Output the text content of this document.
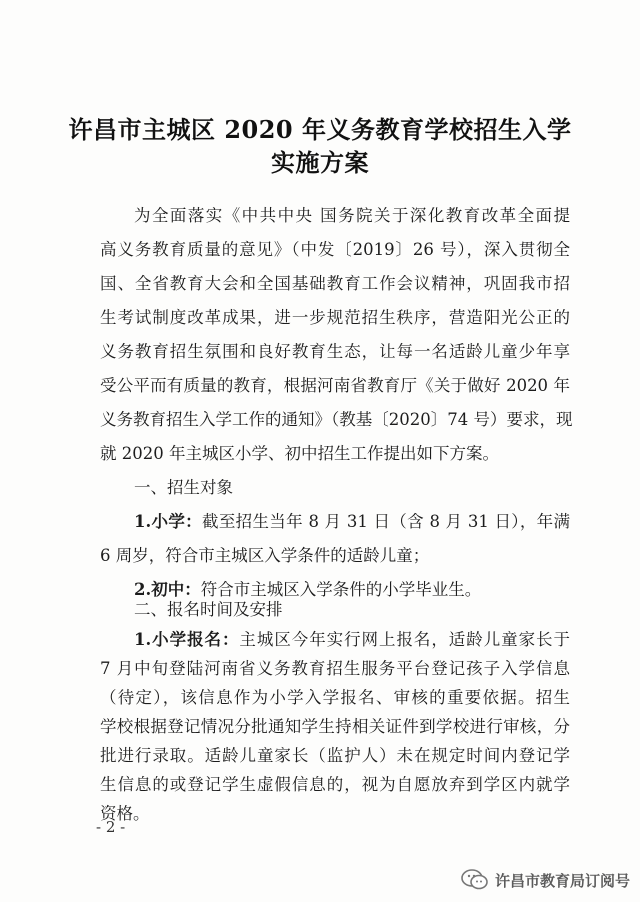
许昌市主城区 2020 年义务教育学校招生入学
实施方案
为全面落实《中共中央 国务院关于深化教育改革全面提
高义务教育质量的意见》（中发〔2019〕26 号），深入贯彻全
国、全省教育大会和全国基础教育工作会议精神，巩固我市招
生考试制度改革成果，进一步规范招生秩序，营造阳光公正的
义务教育招生氛围和良好教育生态，让每一名适龄儿童少年享
受公平而有质量的教育，根据河南省教育厅《关于做好 2020 年
义务教育招生入学工作的通知》（教基〔2020〕74 号）要求，现
就 2020 年主城区小学、初中招生工作提出如下方案。
一、招生对象
1.小学：截至招生当年 8 月 31 日（含 8 月 31 日），年满
6 周岁，符合市主城区入学条件的适龄儿童；
2.初中：符合市主城区入学条件的小学毕业生。
二、报名时间及安排
1.小学报名：主城区今年实行网上报名，适龄儿童家长于
- 2 -
许昌市教育局订阅号
7 月中旬登陆河南省义务教育招生服务平台登记孩子入学信息
（待定），该信息作为小学入学报名、审核的重要依据。招生
学校根据登记情况分批通知学生持相关证件到学校进行审核，分
批进行录取。适龄儿童家长（监护人）未在规定时间内登记学
生信息的或登记学生虚假信息的，视为自愿放弃到学区内就学
资格。
